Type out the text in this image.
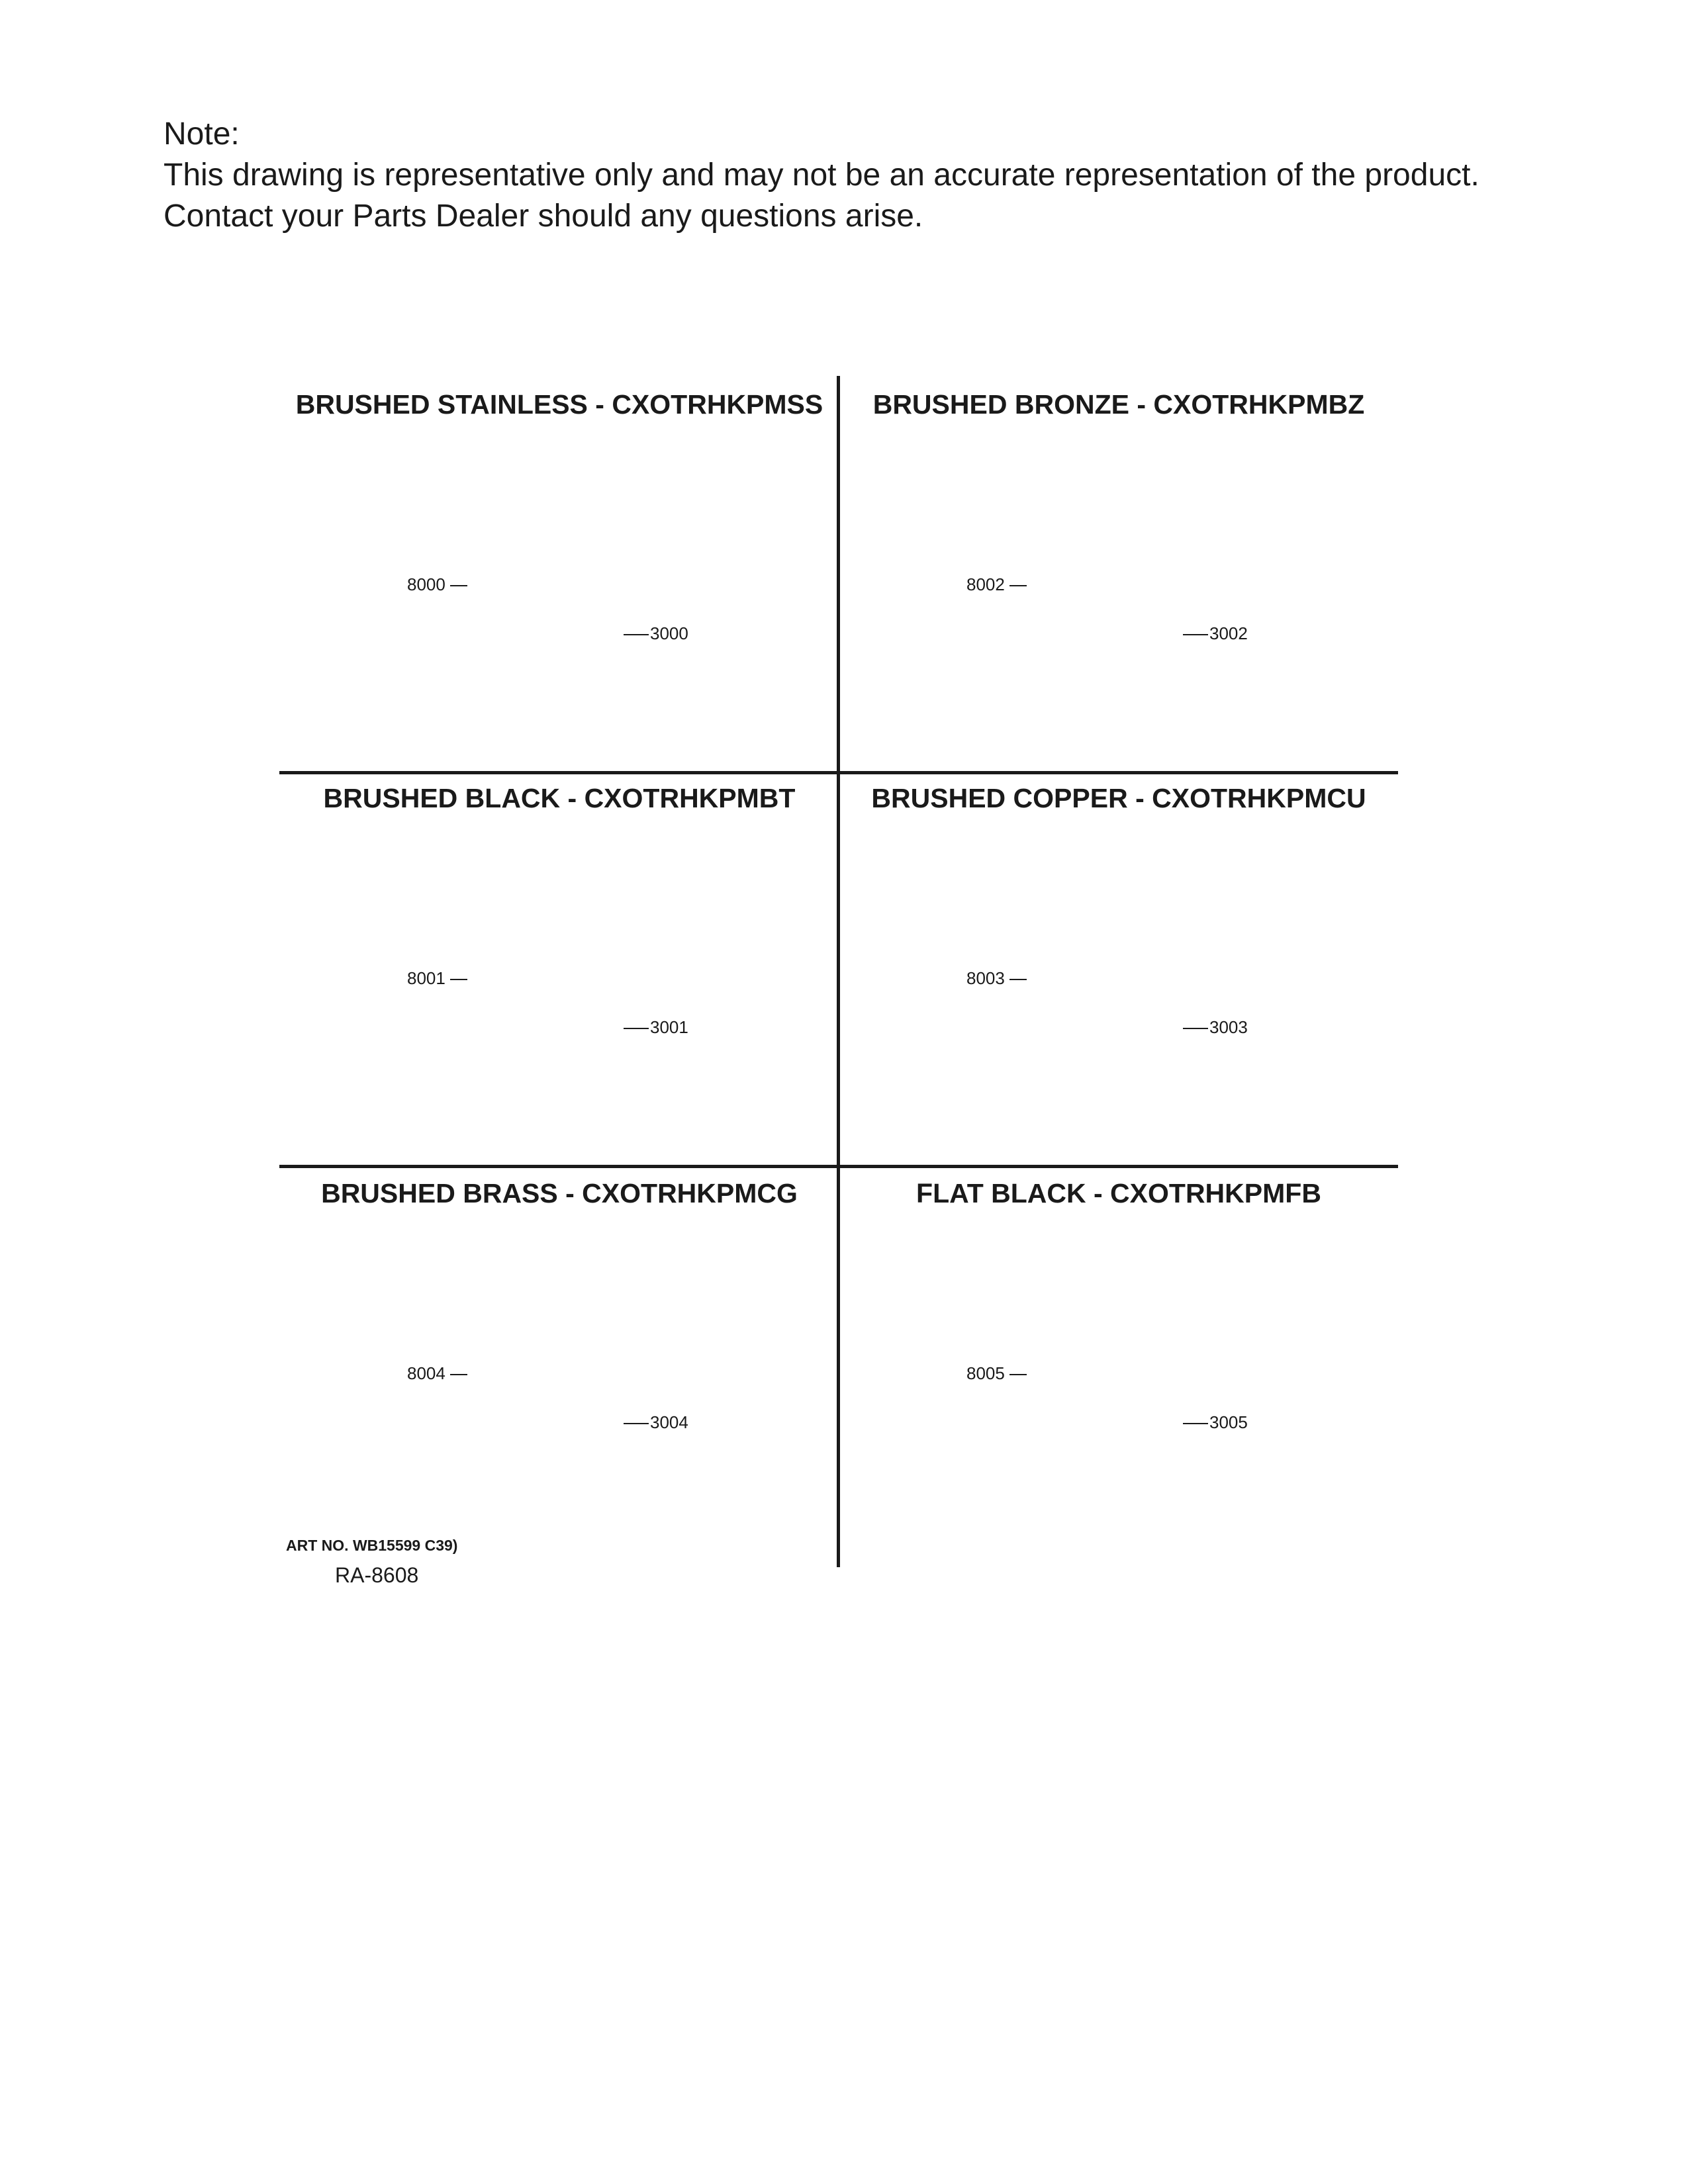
Note:
This drawing is representative only and may not be an accurate representation of the product.
Contact your Parts Dealer should any questions arise.
BRUSHED STAINLESS - CXOTRHKPMSS
8000
3000
BRUSHED BRONZE - CXOTRHKPMBZ
8002
3002
BRUSHED BLACK - CXOTRHKPMBT
8001
3001
BRUSHED COPPER - CXOTRHKPMCU
8003
3003
BRUSHED BRASS - CXOTRHKPMCG
8004
3004
FLAT BLACK - CXOTRHKPMFB
8005
3005
ART NO. WB15599 C39)
RA-8608
